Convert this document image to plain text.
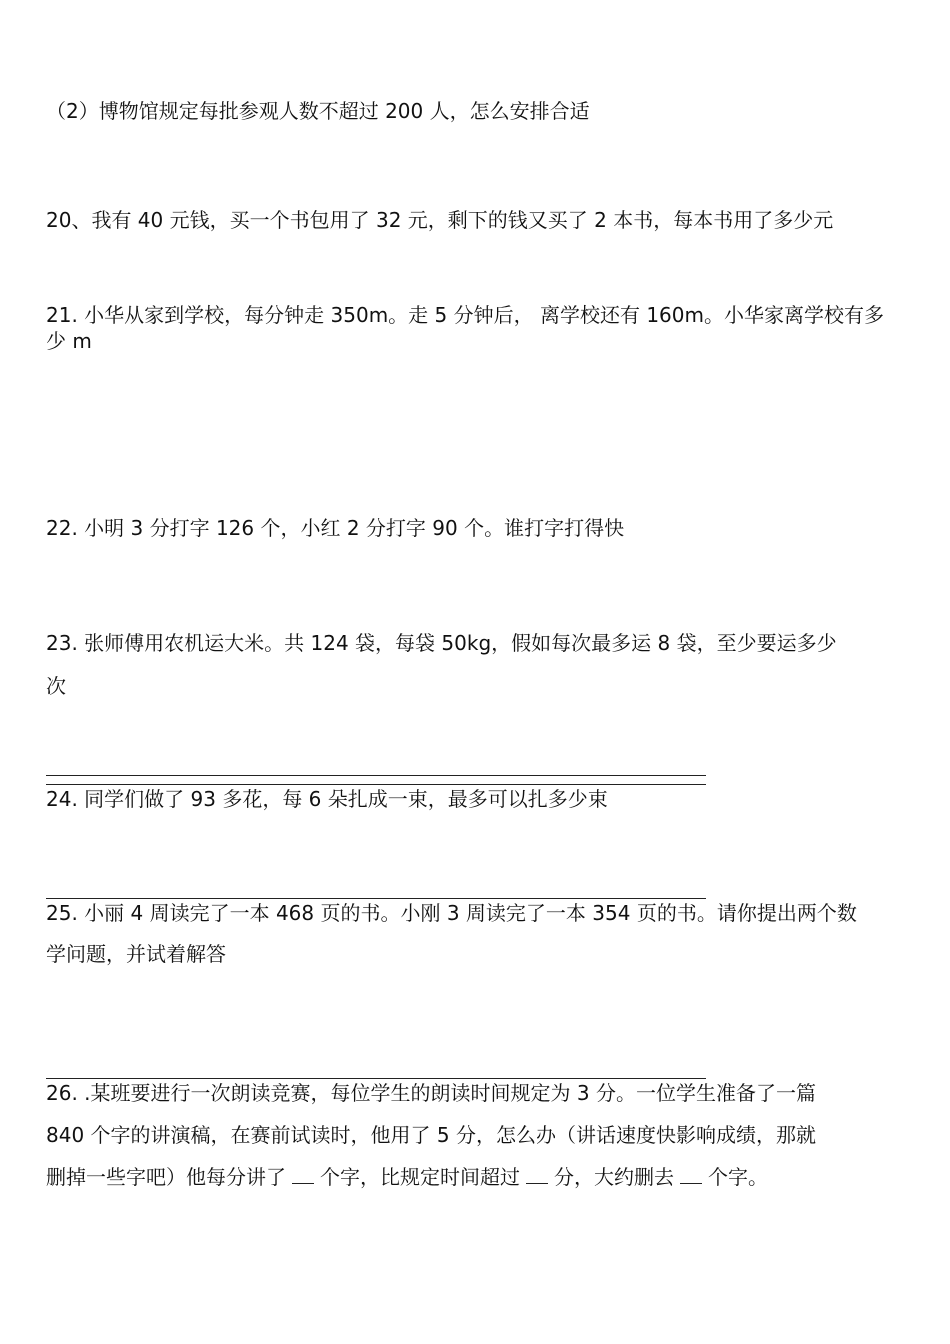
（2）博物馆规定每批参观人数不超过 200 人，怎么安排合适
20、我有 40 元钱，买一个书包用了 32 元，剩下的钱又买了 2 本书，每本书用了多少元
21. 小华从家到学校，每分钟走 350m。走 5 分钟后， 离学校还有 160m。小华家离学校有多
少 m
22. 小明 3 分打字 126 个，小红 2 分打字 90 个。谁打字打得快
23. 张师傅用农机运大米。共 124 袋，每袋 50kg，假如每次最多运 8 袋，至少要运多少
次
24. 同学们做了 93 多花，每 6 朵扎成一束，最多可以扎多少束
25. 小丽 4 周读完了一本 468 页的书。小刚 3 周读完了一本 354 页的书。请你提出两个数
学问题，并试着解答
26. .某班要进行一次朗读竞赛，每位学生的朗读时间规定为 3 分。一位学生准备了一篇
840 个字的讲演稿，在赛前试读时，他用了 5 分，怎么办（讲话速度快影响成绩，那就
删掉一些字吧）他每分讲了 个字，比规定时间超过 分，大约删去 个字。
